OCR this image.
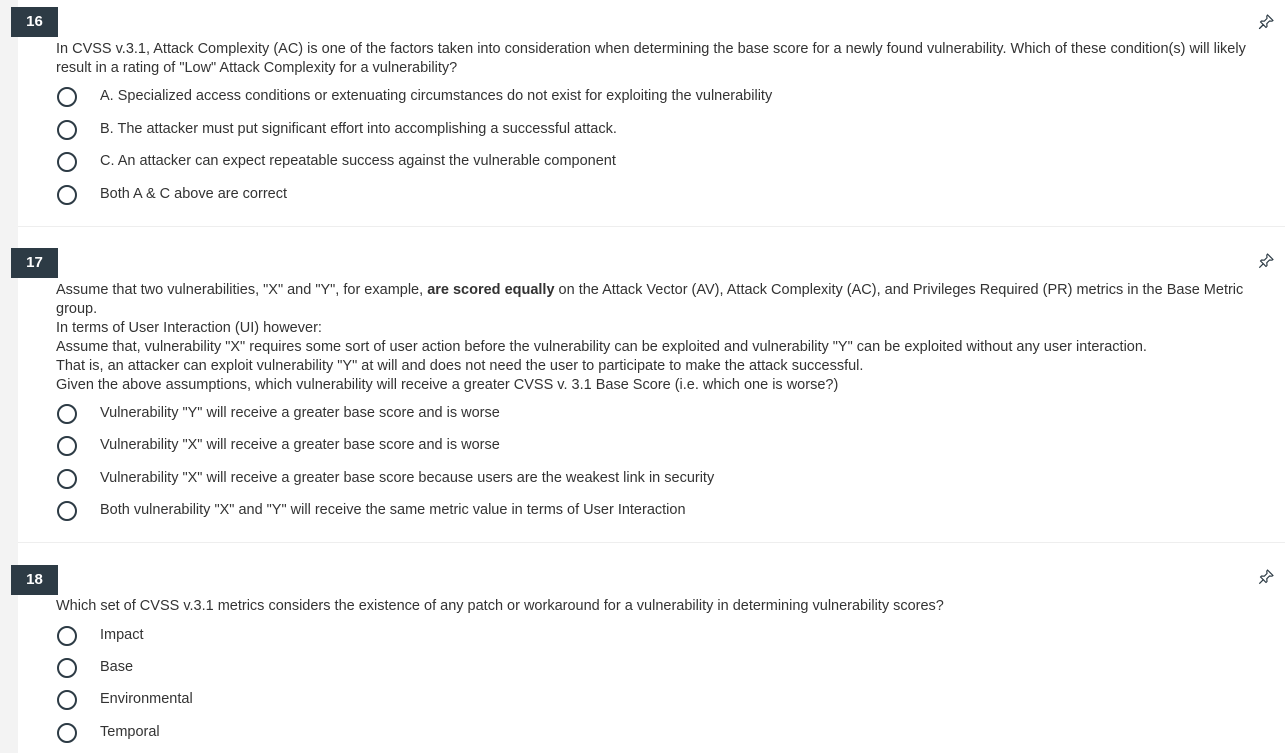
16

In CVSS v.3.1, Attack Complexity (AC) is one of the factors taken into consideration when determining the base score for a newly found vulnerability. Which of these condition(s) will likely result in a rating of "Low" Attack Complexity for a vulnerability?

A. Specialized access conditions or extenuating circumstances do not exist for exploiting the vulnerability
B. The attacker must put significant effort into accomplishing a successful attack.
C. An attacker can expect repeatable success against the vulnerable component
Both A & C above are correct
17

Assume that two vulnerabilities, "X" and "Y", for example, are scored equally on the Attack Vector (AV), Attack Complexity (AC), and Privileges Required (PR) metrics in the Base Metric group.

In terms of User Interaction (UI) however:

Assume that, vulnerability "X" requires some sort of user action before the vulnerability can be exploited and vulnerability "Y" can be exploited without any user interaction.

That is, an attacker can exploit vulnerability "Y" at will and does not need the user to participate to make the attack successful.

Given the above assumptions, which vulnerability will receive a greater CVSS v. 3.1 Base Score (i.e. which one is worse?)

Vulnerability "Y" will receive a greater base score and is worse
Vulnerability "X" will receive a greater base score and is worse
Vulnerability "X" will receive a greater base score because users are the weakest link in security
Both vulnerability "X" and "Y" will receive the same metric value in terms of User Interaction
18

Which set of CVSS v.3.1 metrics considers the existence of any patch or workaround for a vulnerability in determining vulnerability scores?

Impact
Base
Environmental
Temporal
